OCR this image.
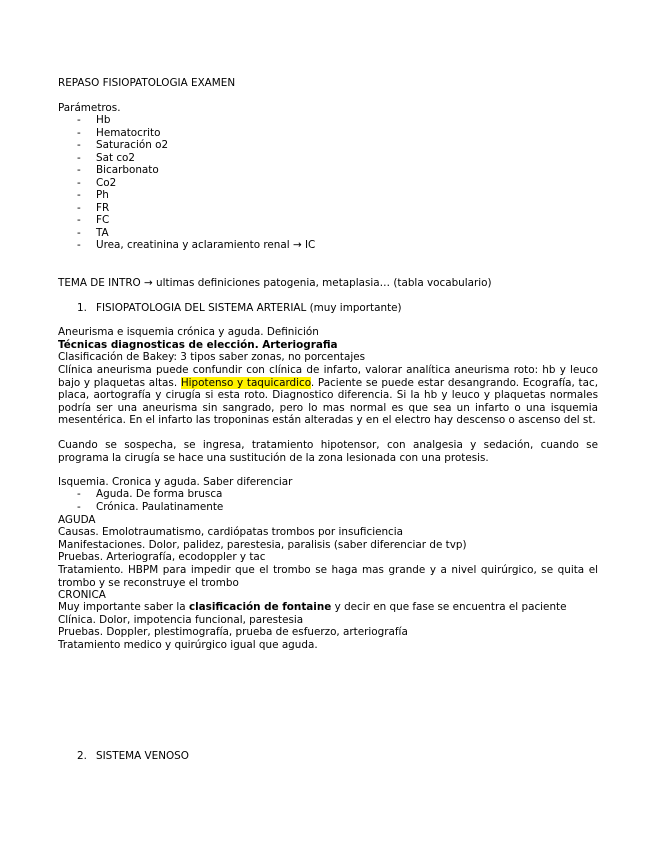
REPASO FISIOPATOLOGIA EXAMEN
Parámetros.
- Hb
- Hematocrito
- Saturación o2
- Sat co2
- Bicarbonato
- Co2
- Ph
- FR
- FC
- TA
- Urea, creatinina y aclaramiento renal → IC
TEMA DE INTRO → ultimas definiciones patogenia, metaplasia… (tabla vocabulario)
1. FISIOPATOLOGIA DEL SISTEMA ARTERIAL (muy importante)
Aneurisma e isquemia crónica y aguda. Definición
Técnicas diagnosticas de elección. Arteriografia
Clasificación de Bakey: 3 tipos saber zonas, no porcentajes
Clínica aneurisma puede confundir con clínica de infarto, valorar analítica aneurisma roto: hb y leuco bajo y plaquetas altas. Hipotenso y taquicardico. Paciente se puede estar desangrando. Ecografía, tac, placa, aortografía y cirugía si esta roto. Diagnostico diferencia. Si la hb y leuco y plaquetas normales podría ser una aneurisma sin sangrado, pero lo mas normal es que sea un infarto o una isquemia mesentérica. En el infarto las troponinas están alteradas y en el electro hay descenso o ascenso del st.
Cuando se sospecha, se ingresa, tratamiento hipotensor, con analgesia y sedación, cuando se programa la cirugía se hace una sustitución de la zona lesionada con una protesis.
Isquemia. Cronica y aguda. Saber diferenciar
- Aguda. De forma brusca
- Crónica. Paulatinamente
AGUDA
Causas. Emolotraumatismo, cardiópatas trombos por insuficiencia
Manifestaciones. Dolor, palidez, parestesia, paralisis (saber diferenciar de tvp)
Pruebas. Arteriografía, ecodoppler y tac
Tratamiento. HBPM para impedir que el trombo se haga mas grande y a nivel quirúrgico, se quita el trombo y se reconstruye el trombo
CRONICA
Muy importante saber la clasificación de fontaine y decir en que fase se encuentra el paciente
Clínica. Dolor, impotencia funcional, parestesia
Pruebas. Doppler, plestimografía, prueba de esfuerzo, arteriografía
Tratamiento medico y quirúrgico igual que aguda.
2. SISTEMA VENOSO
